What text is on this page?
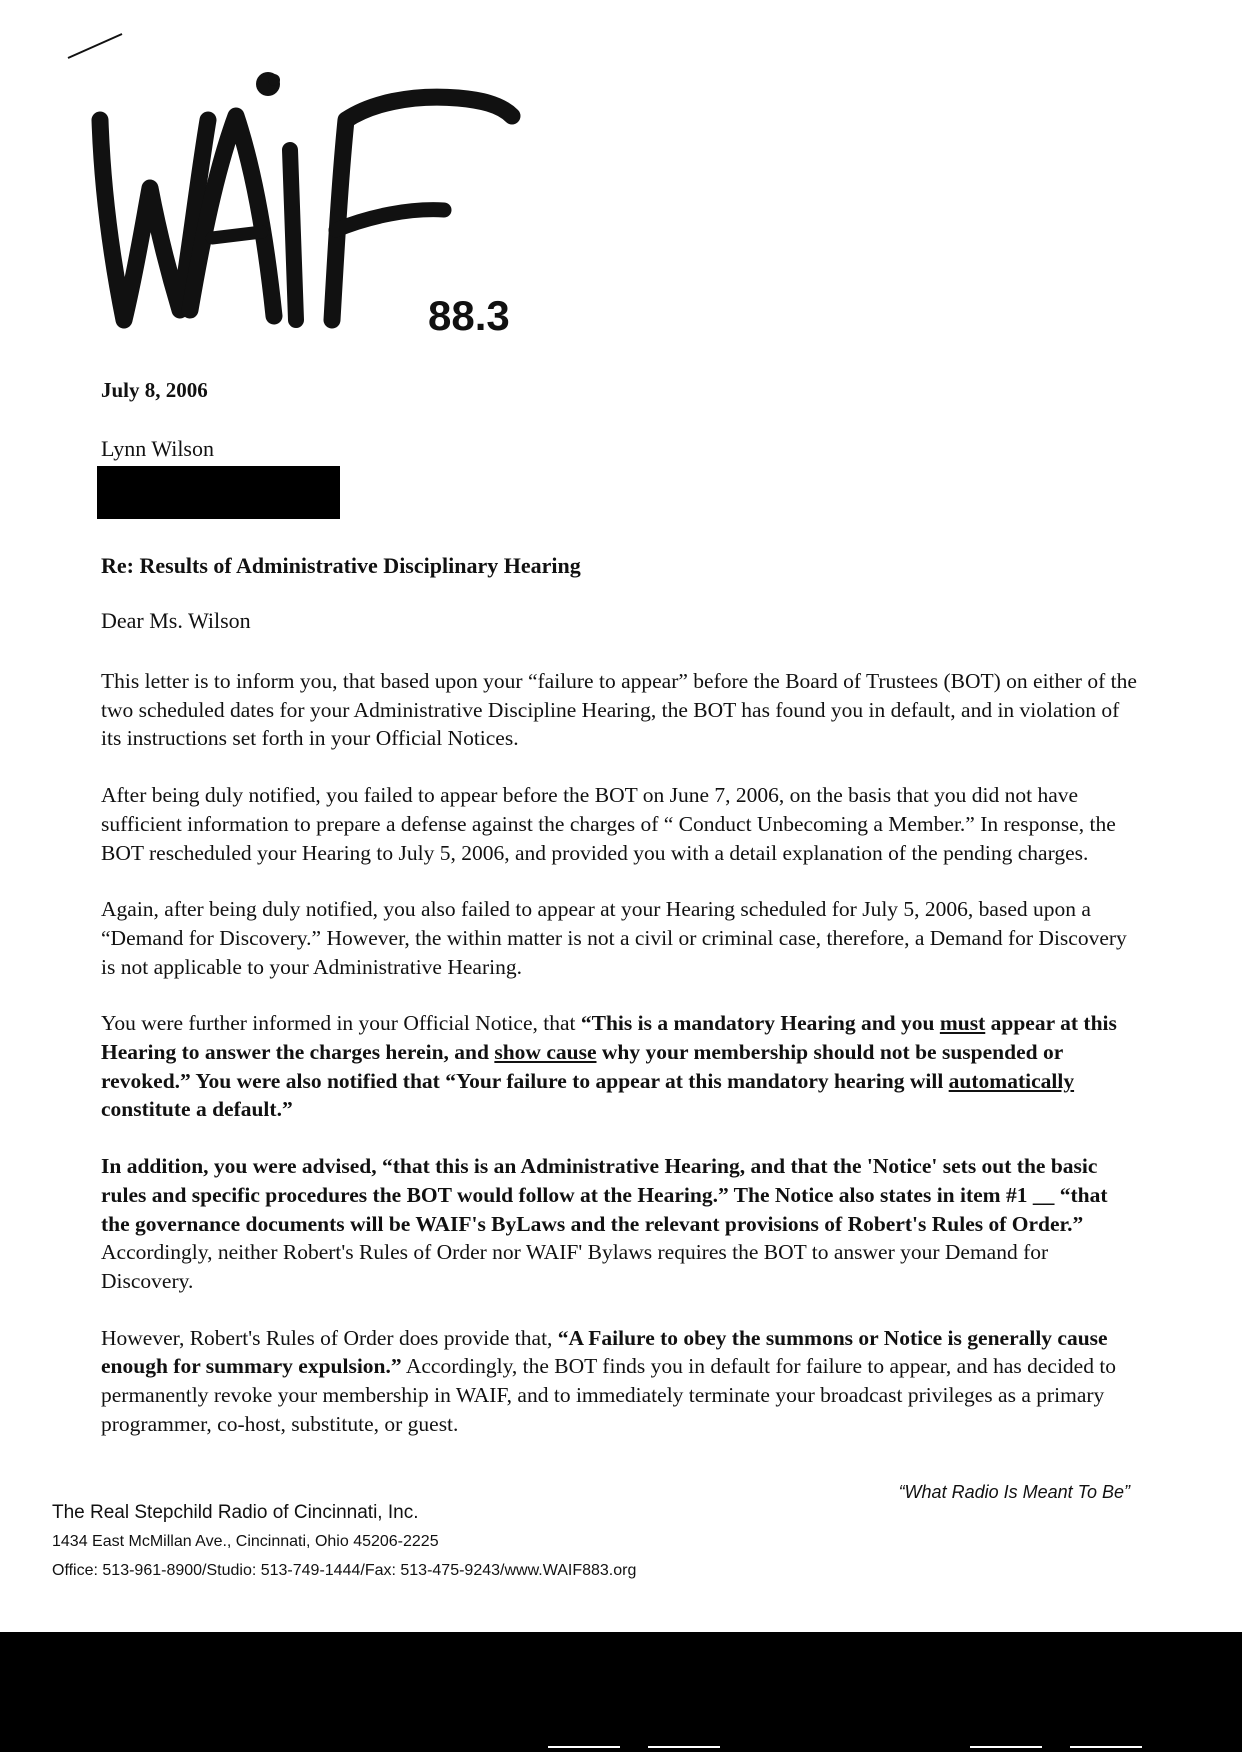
88.3
July 8, 2006
Lynn Wilson
Re: Results of Administrative Disciplinary Hearing
Dear Ms. Wilson

This letter is to inform you, that based upon your “failure to appear” before the Board of Trustees (BOT) on either of the two scheduled dates for your Administrative Discipline Hearing, the BOT has found you in default, and in violation of its instructions set forth in your Official Notices.

After being duly notified, you failed to appear before the BOT on June 7, 2006, on the basis that you did not have sufficient information to prepare a defense against the charges of “ Conduct Unbecoming a Member.” In response, the BOT rescheduled your Hearing to July 5, 2006, and provided you with a detail explanation of the pending charges.

Again, after being duly notified, you also failed to appear at your Hearing scheduled for July 5, 2006, based upon a “Demand for Discovery.” However, the within matter is not a civil or criminal case, therefore, a Demand for Discovery is not applicable to your Administrative Hearing.

You were further informed in your Official Notice, that “This is a mandatory Hearing and you must appear at this Hearing to answer the charges herein, and show cause why your membership should not be suspended or revoked.” You were also notified that “Your failure to appear at this mandatory hearing will automatically constitute a default.”

In addition, you were advised, “that this is an Administrative Hearing, and that the 'Notice' sets out the basic rules and specific procedures the BOT would follow at the Hearing.” The Notice also states in item #1 __ “that the governance documents will be WAIF's ByLaws and the relevant provisions of Robert's Rules of Order.” Accordingly, neither Robert's Rules of Order nor WAIF' Bylaws requires the BOT to answer your Demand for Discovery.

However, Robert's Rules of Order does provide that, “A Failure to obey the summons or Notice is generally cause enough for summary expulsion.” Accordingly, the BOT finds you in default for failure to appear, and has decided to permanently revoke your membership in WAIF, and to immediately terminate your broadcast privileges as a primary programmer, co-host, substitute, or guest.

“What Radio Is Meant To Be”
The Real Stepchild Radio of Cincinnati, Inc.
1434 East McMillan Ave., Cincinnati, Ohio 45206-2225
Office: 513-961-8900/Studio: 513-749-1444/Fax: 513-475-9243/www.WAIF883.org
